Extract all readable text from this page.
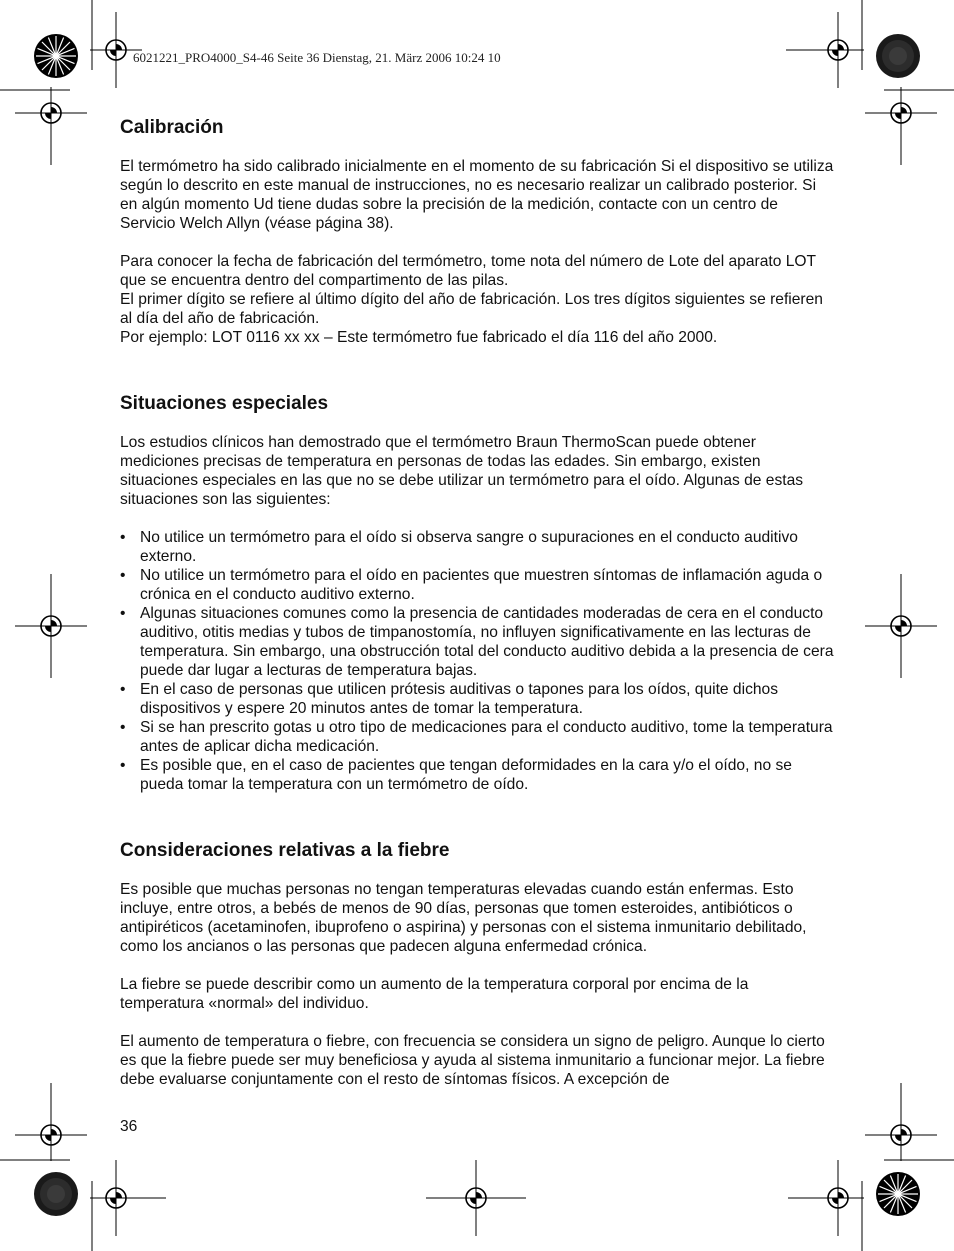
6021221_PRO4000_S4-46 Seite 36 Dienstag, 21. März 2006 10:24 10
Calibración

El termómetro ha sido calibrado inicialmente en el momento de su fabricación Si el dispositivo se utiliza según lo descrito en este manual de instrucciones, no es necesario realizar un calibrado posterior. Si en algún momento Ud tiene dudas sobre la precisión de la medición, contacte con un centro de Servicio Welch Allyn (véase página 38).

Para conocer la fecha de fabricación del termómetro, tome nota del número de Lote del aparato LOT que se encuentra dentro del compartimento de las pilas.

El primer dígito se refiere al último dígito del año de fabricación. Los tres dígitos siguientes se refieren al día del año de fabricación.

Por ejemplo: LOT 0116 xx xx – Este termómetro fue fabricado el día 116 del año 2000.

Situaciones especiales

Los estudios clínicos han demostrado que el termómetro Braun ThermoScan puede obtener mediciones precisas de temperatura en personas de todas las edades. Sin embargo, existen situaciones especiales en las que no se debe utilizar un termómetro para el oído. Algunas de estas situaciones son las siguientes:

• No utilice un termómetro para el oído si observa sangre o supuraciones en el conducto auditivo externo.
• No utilice un termómetro para el oído en pacientes que muestren síntomas de inflamación aguda o crónica en el conducto auditivo externo.
• Algunas situaciones comunes como la presencia de cantidades moderadas de cera en el conducto auditivo, otitis medias y tubos de timpanostomía, no influyen significativamente en las lecturas de temperatura. Sin embargo, una obstrucción total del conducto auditivo debida a la presencia de cera puede dar lugar a lecturas de temperatura bajas.
• En el caso de personas que utilicen prótesis auditivas o tapones para los oídos, quite dichos dispositivos y espere 20 minutos antes de tomar la temperatura.
• Si se han prescrito gotas u otro tipo de medicaciones para el conducto auditivo, tome la temperatura antes de aplicar dicha medicación.
• Es posible que, en el caso de pacientes que tengan deformidades en la cara y/o el oído, no se pueda tomar la temperatura con un termómetro de oído.
Consideraciones relativas a la fiebre

Es posible que muchas personas no tengan temperaturas elevadas cuando están enfermas. Esto incluye, entre otros, a bebés de menos de 90 días, personas que tomen esteroides, antibióticos o antipiréticos (acetaminofen, ibuprofeno o aspirina) y personas con el sistema inmunitario debilitado, como los ancianos o las personas que padecen alguna enfermedad crónica.

La fiebre se puede describir como un aumento de la temperatura corporal por encima de la temperatura «normal» del individuo.

El aumento de temperatura o fiebre, con frecuencia se considera un signo de peligro. Aunque lo cierto es que la fiebre puede ser muy beneficiosa y ayuda al sistema inmunitario a funcionar mejor. La fiebre debe evaluarse conjuntamente con el resto de síntomas físicos. A excepción de

36
